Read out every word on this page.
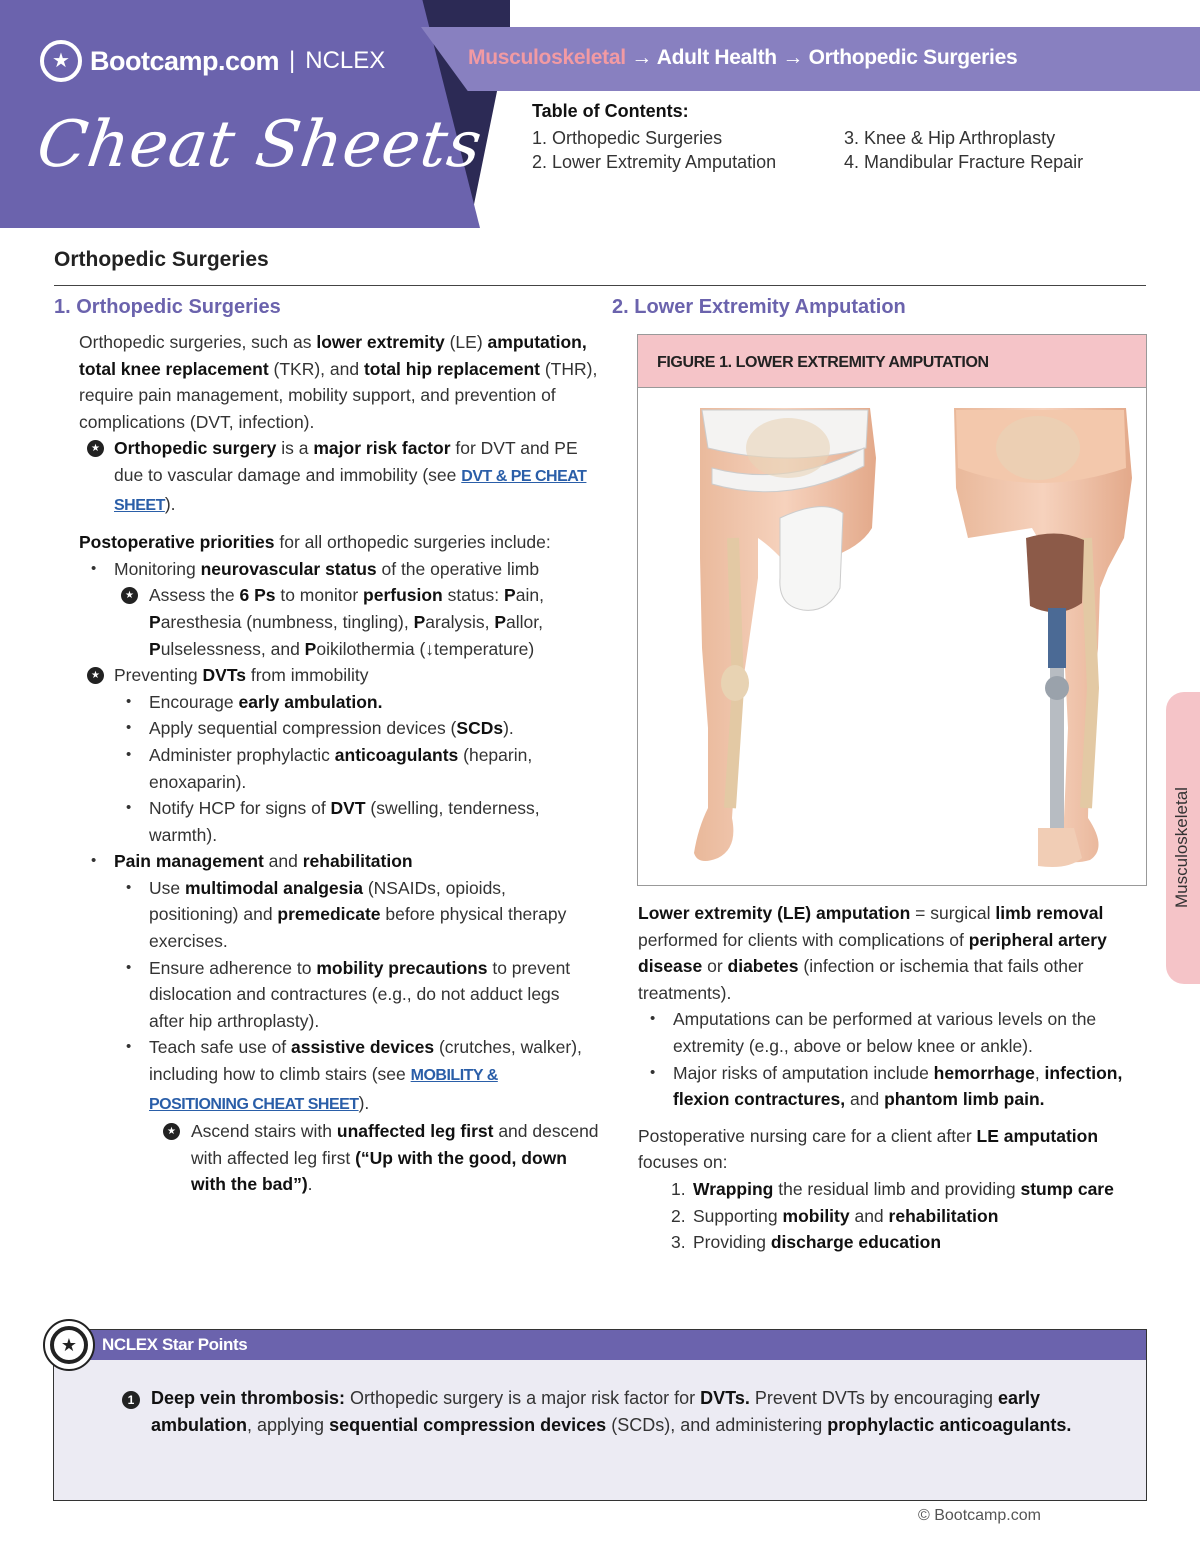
★ Bootcamp.com | NCLEX
Cheat Sheets
Musculoskeletal → Adult Health → Orthopedic Surgeries
Table of Contents:
1. Orthopedic Surgeries	3. Knee & Hip Arthroplasty
2. Lower Extremity Amputation	4. Mandibular Fracture Repair
Orthopedic Surgeries
1. Orthopedic Surgeries	2. Lower Extremity Amputation

Orthopedic surgeries, such as lower extremity (LE) amputation, total knee replacement (TKR), and total hip replacement (THR), require pain management, mobility support, and prevention of complications (DVT, infection).

★ Orthopedic surgery is a major risk factor for DVT and PE due to vascular damage and immobility (see DVT & PE CHEAT SHEET).

Postoperative priorities for all orthopedic surgeries include:

• Monitoring neurovascular status of the operative limb
★ Assess the 6 Ps to monitor perfusion status: Pain, Paresthesia (numbness, tingling), Paralysis, Pallor, Pulselessness, and Poikilothermia (↓temperature)
★ Preventing DVTs from immobility
• Encourage early ambulation.
• Apply sequential compression devices (SCDs).
• Administer prophylactic anticoagulants (heparin, enoxaparin).
• Notify HCP for signs of DVT (swelling, tenderness, warmth).
• Pain management and rehabilitation
• Use multimodal analgesia (NSAIDs, opioids, positioning) and premedicate before physical therapy exercises.
• Ensure adherence to mobility precautions to prevent dislocation and contractures (e.g., do not adduct legs after hip arthroplasty).
• Teach safe use of assistive devices (crutches, walker), including how to climb stairs (see MOBILITY & POSITIONING CHEAT SHEET).
★ Ascend stairs with unaffected leg first and descend with affected leg first (“Up with the good, down with the bad”).
FIGURE 1. LOWER EXTREMITY AMPUTATION

Lower extremity (LE) amputation = surgical limb removal performed for clients with complications of peripheral artery disease or diabetes (infection or ischemia that fails other treatments).

• Amputations can be performed at various levels on the extremity (e.g., above or below knee or ankle).
• Major risks of amputation include hemorrhage, infection, flexion contractures, and phantom limb pain.

Postoperative nursing care for a client after LE amputation focuses on:

1. Wrapping the residual limb and providing stump care
2. Supporting mobility and rehabilitation
3. Providing discharge education
Musculoskeletal
NCLEX Star Points
★
1 Deep vein thrombosis: Orthopedic surgery is a major risk factor for DVTs. Prevent DVTs by encouraging early ambulation, applying sequential compression devices (SCDs), and administering prophylactic anticoagulants.
© Bootcamp.com
